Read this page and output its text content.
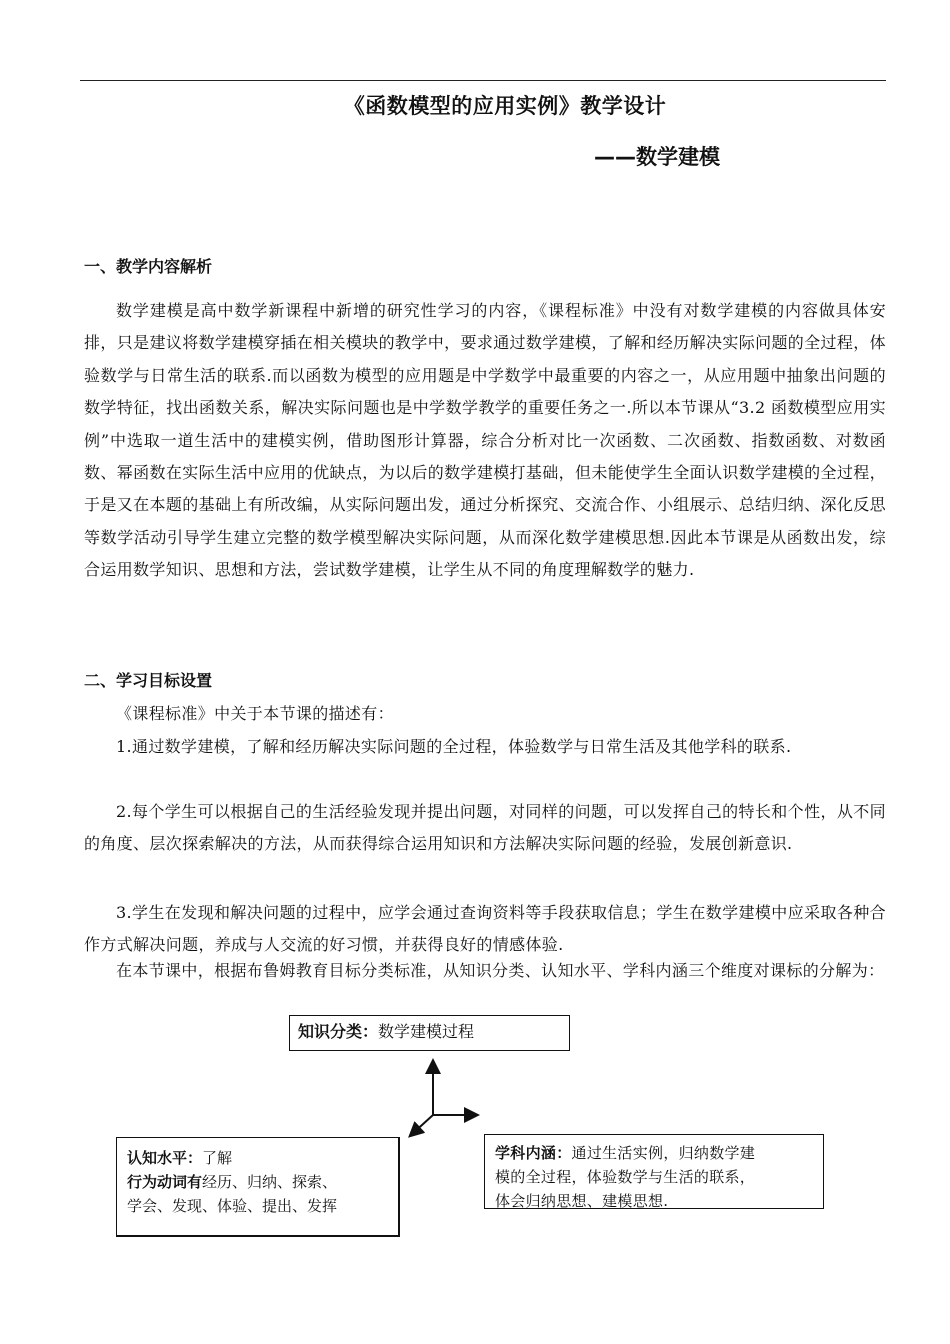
《函数模型的应用实例》教学设计
——数学建模
一、教学内容解析

数学建模是高中数学新课程中新增的研究性学习的内容，《课程标准》中没有对数学建模的内容做具体安排，只是建议将数学建模穿插在相关模块的教学中，要求通过数学建模，了解和经历解决实际问题的全过程，体验数学与日常生活的联系.而以函数为模型的应用题是中学数学中最重要的内容之一，从应用题中抽象出问题的数学特征，找出函数关系，解决实际问题也是中学数学教学的重要任务之一.所以本节课从“3.2 函数模型应用实例”中选取一道生活中的建模实例，借助图形计算器，综合分析对比一次函数、二次函数、指数函数、对数函数、幂函数在实际生活中应用的优缺点，为以后的数学建模打基础，但未能使学生全面认识数学建模的全过程，于是又在本题的基础上有所改编，从实际问题出发，通过分析探究、交流合作、小组展示、总结归纳、深化反思等数学活动引导学生建立完整的数学模型解决实际问题，从而深化数学建模思想.因此本节课是从函数出发，综合运用数学知识、思想和方法，尝试数学建模，让学生从不同的角度理解数学的魅力.

二、学习目标设置

《课程标准》中关于本节课的描述有：

1.通过数学建模，了解和经历解决实际问题的全过程，体验数学与日常生活及其他学科的联系.

2.每个学生可以根据自己的生活经验发现并提出问题，对同样的问题，可以发挥自己的特长和个性，从不同的角度、层次探索解决的方法，从而获得综合运用知识和方法解决实际问题的经验，发展创新意识.

3.学生在发现和解决问题的过程中，应学会通过查询资料等手段获取信息；学生在数学建模中应采取各种合作方式解决问题，养成与人交流的好习惯，并获得良好的情感体验.

在本节课中，根据布鲁姆教育目标分类标准，从知识分类、认知水平、学科内涵三个维度对课标的分解为：

知识分类：数学建模过程
认知水平：了解
行为动词有经历、归纳、探索、
学会、发现、体验、提出、发挥
学科内涵：通过生活实例，归纳数学建
模的全过程，体验数学与生活的联系，
体会归纳思想、建模思想.
